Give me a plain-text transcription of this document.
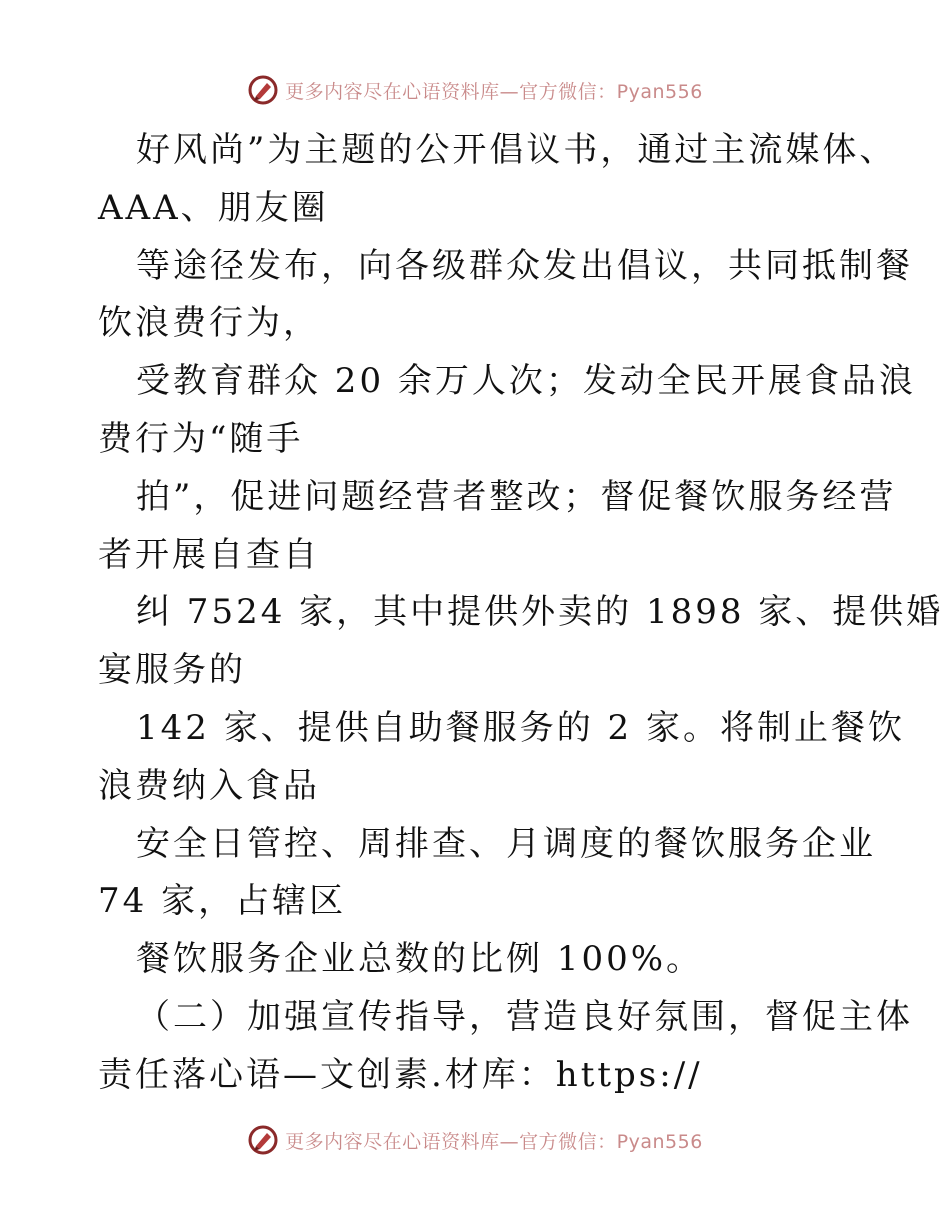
更多内容尽在心语资料库—官方微信：Pyan556
好风尚”为主题的公开倡议书，通过主流媒体、
AAA、朋友圈
等途径发布，向各级群众发出倡议，共同抵制餐
饮浪费行为，
受教育群众 20 余万人次；发动全民开展食品浪
费行为“随手
拍”，促进问题经营者整改；督促餐饮服务经营
者开展自查自
纠 7524 家，其中提供外卖的 1898 家、提供婚
宴服务的
142 家、提供自助餐服务的 2 家。将制止餐饮
浪费纳入食品
安全日管控、周排查、月调度的餐饮服务企业
74 家，占辖区
餐饮服务企业总数的比例 100%。
（二）加强宣传指导，营造良好氛围，督促主体
责任落心语—文创素.材库：https://
更多内容尽在心语资料库—官方微信：Pyan556
